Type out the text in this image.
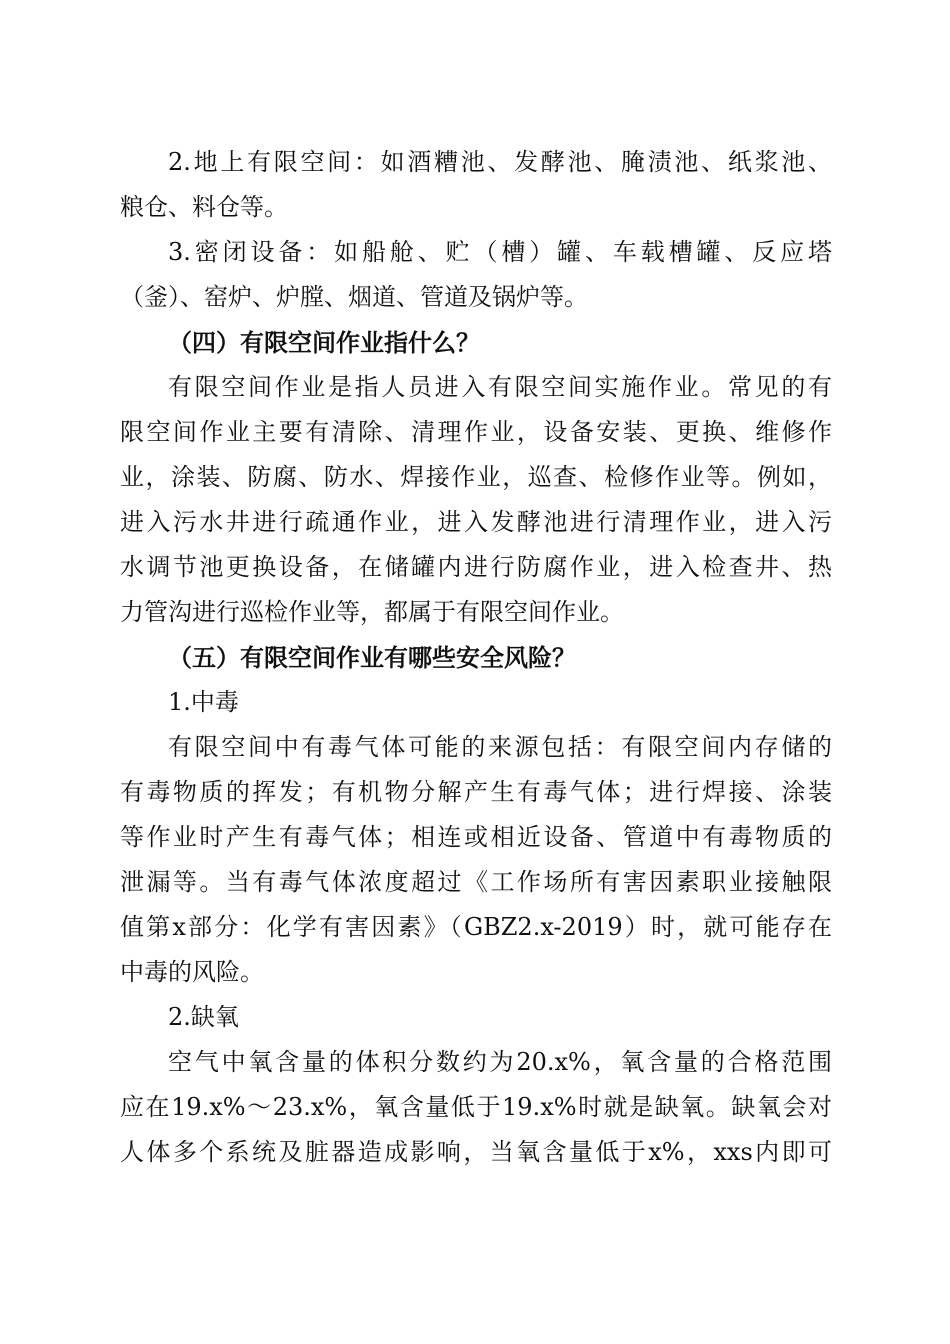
2.地上有限空间：如酒糟池、发酵池、腌渍池、纸浆池、
粮仓、料仓等。
3.密闭设备：如船舱、贮（槽）罐、车载槽罐、反应塔
（釜）、窑炉、炉膛、烟道、管道及锅炉等。
（四）有限空间作业指什么？
有限空间作业是指人员进入有限空间实施作业。常见的有
限空间作业主要有清除、清理作业，设备安装、更换、维修作
业，涂装、防腐、防水、焊接作业，巡查、检修作业等。例如，
进入污水井进行疏通作业，进入发酵池进行清理作业，进入污
水调节池更换设备，在储罐内进行防腐作业，进入检查井、热
力管沟进行巡检作业等，都属于有限空间作业。
（五）有限空间作业有哪些安全风险？
1.中毒
有限空间中有毒气体可能的来源包括：有限空间内存储的
有毒物质的挥发；有机物分解产生有毒气体；进行焊接、涂装
等作业时产生有毒气体；相连或相近设备、管道中有毒物质的
泄漏等。当有毒气体浓度超过《工作场所有害因素职业接触限
值第x部分：化学有害因素》（GBZ2.x-2019）时，就可能存在
中毒的风险。
2.缺氧
空气中氧含量的体积分数约为20.x%，氧含量的合格范围
应在19.x%～23.x%，氧含量低于19.x%时就是缺氧。缺氧会对
人体多个系统及脏器造成影响，当氧含量低于x%，xxs内即可
